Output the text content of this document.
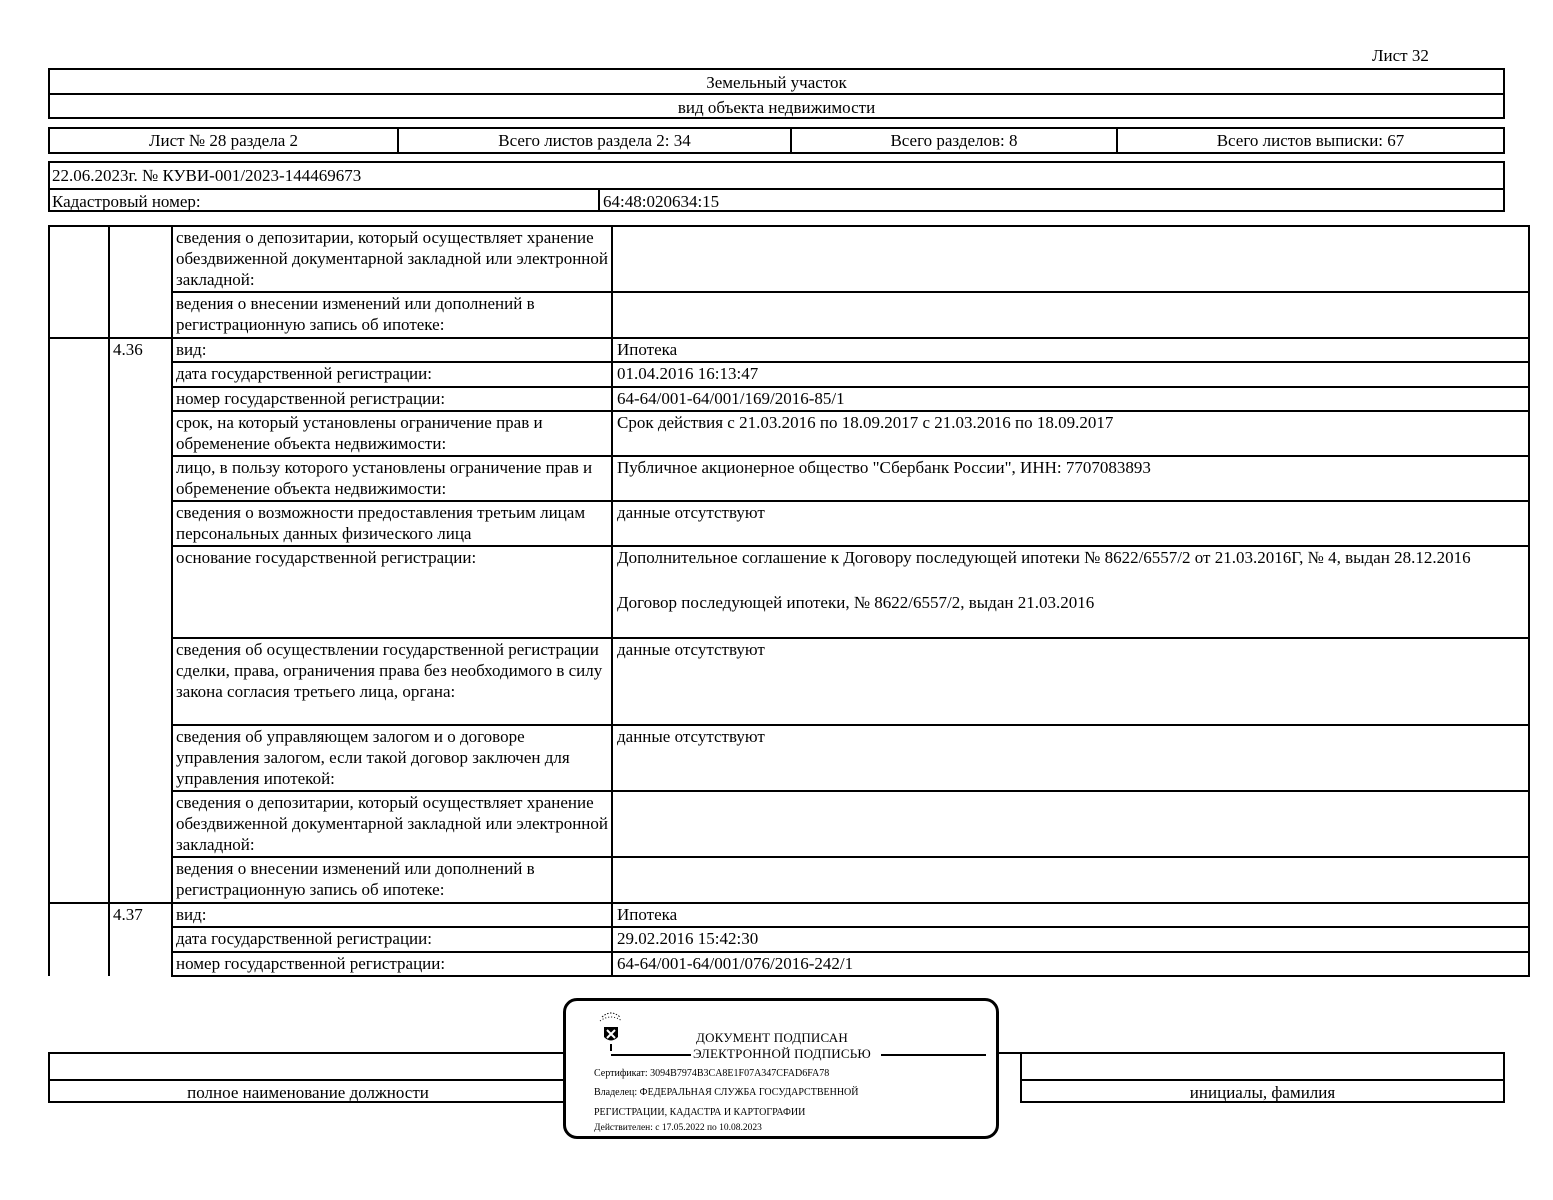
Лист 32
Земельный участок
вид объекта недвижимости
Лист № 28 раздела 2	Всего листов раздела 2: 34	Всего разделов: 8	Всего листов выписки: 67
22.06.2023г. № КУВИ-001/2023-144469673
Кадастровый номер:	64:48:020634:15
		сведения о депозитарии, который осуществляет хранение обездвиженной документарной закладной или электронной закладной:	
		ведения о внесении изменений или дополнений в регистрационную запись об ипотеке:	
	4.36	вид:	Ипотека
		дата государственной регистрации:	01.04.2016 16:13:47
		номер государственной регистрации:	64-64/001-64/001/169/2016-85/1
		срок, на который установлены ограничение прав и обременение объекта недвижимости:	Срок действия с 21.03.2016 по 18.09.2017 с 21.03.2016 по 18.09.2017
		лицо, в пользу которого установлены ограничение прав и обременение объекта недвижимости:	Публичное акционерное общество "Сбербанк России", ИНН: 7707083893
		сведения о возможности предоставления третьим лицам персональных данных физического лица	данные отсутствуют
		основание государственной регистрации:	Дополнительное соглашение к Договору последующей ипотеки № 8622/6557/2 от 21.03.2016Г, № 4, выдан 28.12.2016
Договор последующей ипотеки, № 8622/6557/2, выдан 21.03.2016

		сведения об осуществлении государственной регистрации сделки, права, ограничения права без необходимого в силу закона согласия третьего лица, органа:	данные отсутствуют
		сведения об управляющем залогом и о договоре управления залогом, если такой договор заключен для управления ипотекой:	данные отсутствуют
		сведения о депозитарии, который осуществляет хранение обездвиженной документарной закладной или электронной закладной:	
		ведения о внесении изменений или дополнений в регистрационную запись об ипотеке:	
	4.37	вид:	Ипотека
		дата государственной регистрации:	29.02.2016 15:42:30
		номер государственной регистрации:	64-64/001-64/001/076/2016-242/1
полное наименование должности	инициалы, фамилия
ДОКУМЕНТ ПОДПИСАН
ЭЛЕКТРОННОЙ ПОДПИСЬЮ
Сертификат: 3094B7974B3CA8E1F07A347CFAD6FA78
Владелец: ФЕДЕРАЛЬНАЯ СЛУЖБА ГОСУДАРСТВЕННОЙ
РЕГИСТРАЦИИ, КАДАСТРА И КАРТОГРАФИИ
Действителен: с 17.05.2022 по 10.08.2023
